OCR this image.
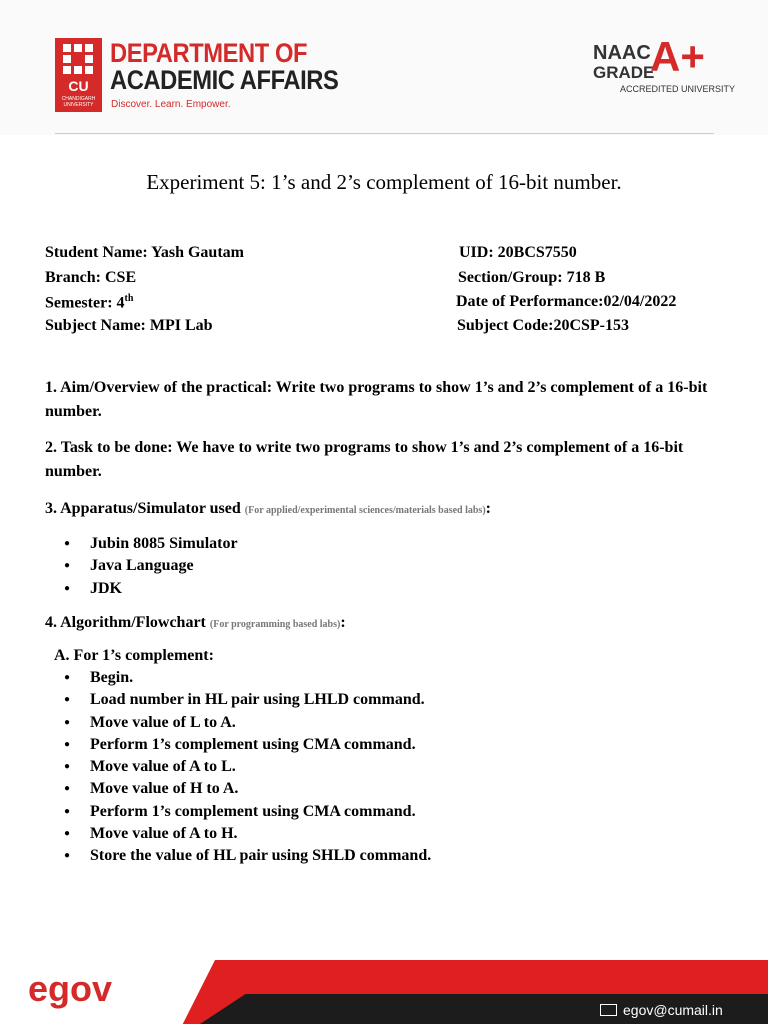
CU
CHANDIGARH UNIVERSITY
DEPARTMENT OF
ACADEMIC AFFAIRS
Discover. Learn. Empower.
NAAC
GRADE
A+
ACCREDITED UNIVERSITY
Experiment 5: 1’s and 2’s complement of 16-bit number.
Student Name: Yash Gautam	UID: 20BCS7550
Branch: CSE	Section/Group: 718 B
Semester: 4th	Date of Performance:02/04/2022
Subject Name: MPI Lab	Subject Code:20CSP-153
1. Aim/Overview of the practical: Write two programs to show 1’s and 2’s complement of a 16-bit number.
2. Task to be done: We have to write two programs to show 1’s and 2’s complement of a 16-bit number.
3. Apparatus/Simulator used (For applied/experimental sciences/materials based labs):
● Jubin 8085 Simulator
● Java Language
● JDK
4. Algorithm/Flowchart (For programming based labs):
A. For 1’s complement:
● Begin.
● Load number in HL pair using LHLD command.
● Move value of L to A.
● Perform 1’s complement using CMA command.
● Move value of A to L.
● Move value of H to A.
● Perform 1’s complement using CMA command.
● Move value of A to H.
● Store the value of HL pair using SHLD command.
egov
egov@cumail.in
